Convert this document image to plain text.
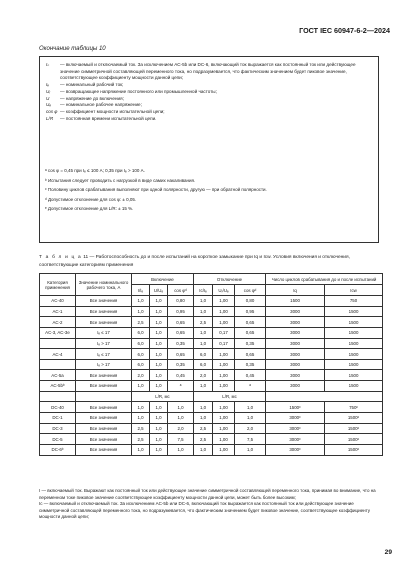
ГОСТ IEC 60947-6-2—2024
Окончание таблицы 10
Iₙ	— включаемый и отключаемый ток. За исключением АС-5b или DC-6, включающий ток выражается как постоянный ток или действующее значение симметричной составляющей переменного тока, но подразумевается, что фактическим значением будет пиковое значение, соответствующее коэффициенту мощности данной цепи;
Iₑ	— номинальный рабочий ток;
Uᵣ	— возвращающее напряжение постоянного или промышленной частоты;
U	— напряжение до включения;
Uₑ	— номинальное рабочее напряжение;
cos φ — коэффициент мощности испытательной цепи;
L/R	— постоянная времени испытательной цепи.
ᵃ cos φ = 0,45 при Iₑ ≤ 100 А; 0,35 при Iₑ > 100 А.
ᵇ Испытания следует проводить с нагрузкой в виде самих накаливания.
ᶜ Половину циклов срабатывания выполняют при одной полярности, другую — при обратной полярности.
ᵈ Допустимое отклонение для cos φ: ± 0,05.
ᵉ Допустимое отклонение для L/R: ± 15 %.
Т а б л и ц а 11 — Работоспособность до и после испытаний на короткое замыкание при Iq и Icw. Условия включения и отключения, соответствующие категориям применения
Категория применения	Значение номинального рабочего тока, А	Включение			Отключение			Число циклов срабатывания до и после испытаний	
		I/Iₑ	U/Uₑ	cos φᵈ	Ic/Iₑ	Uᵣ/Uₑ	cos φᵈ	Iq	Icw
AC-40	Все значения	1,0	1,0	0,80	1,0	1,00	0,80	1500	750
AC-1	Все значения	1,0	1,0	0,95	1,0	1,00	0,95	3000	1500
AC-2	Все значения	2,5	1,0	0,65	2,5	1,00	0,65	3000	1500
AC-3, AC-3e	Iₑ ≤ 17	6,0	1,0	0,65	1,0	0,17	0,65	3000	1500
	Iₑ > 17	6,0	1,0	0,35	1,0	0,17	0,35	3000	1500
AC-4	Iₑ ≤ 17	6,0	1,0	0,65	6,0	1,00	0,65	3000	1500
	Iₑ > 17	6,0	1,0	0,35	6,0	1,00	0,35	3000	1500
AC-5a	Все значения	2,0	1,0	0,45	2,0	1,00	0,45	3000	1500
AC-5bᵇ	Все значения	1,0	1,0	ᵃ	1,0	1,00	ᵃ	3000	1500
		L/R, мс			L/R, мс				
DC-40	Все значения	1,0	1,0	1,0	1,0	1,00	1,0	1500ᶜ	750ᶜ
DC-1	Все значения	1,0	1,0	1,0	1,0	1,00	1,0	3000ᶜ	1500ᶜ
DC-3	Все значения	2,5	1,0	2,0	2,5	1,00	2,0	3000ᶜ	1500ᶜ
DC-5	Все значения	2,5	1,0	7,5	2,5	1,00	7,5	3000ᶜ	1500ᶜ
DC-6ᵇ	Все значения	1,0	1,0	1,0	1,0	1,00	1,0	3000ᶜ	1500ᶜ
I — включаемый ток. Выражают как постоянный ток или действующее значение симметричной составляющей переменного тока, принимая во внимание, что на переменном токе пиковое значение соответствующее коэффициенту мощности данной цепи, может быть более высоким;
Ic — включаемый и отключаемый ток. За исключением АС-5b или DC-6, включающий ток выражается как постоянный ток или действующее значение симметричной составляющей переменного тока, но подразумевается, что фактическим значением будет пиковое значение, соответствующее коэффициенту мощности данной цепи;
29
